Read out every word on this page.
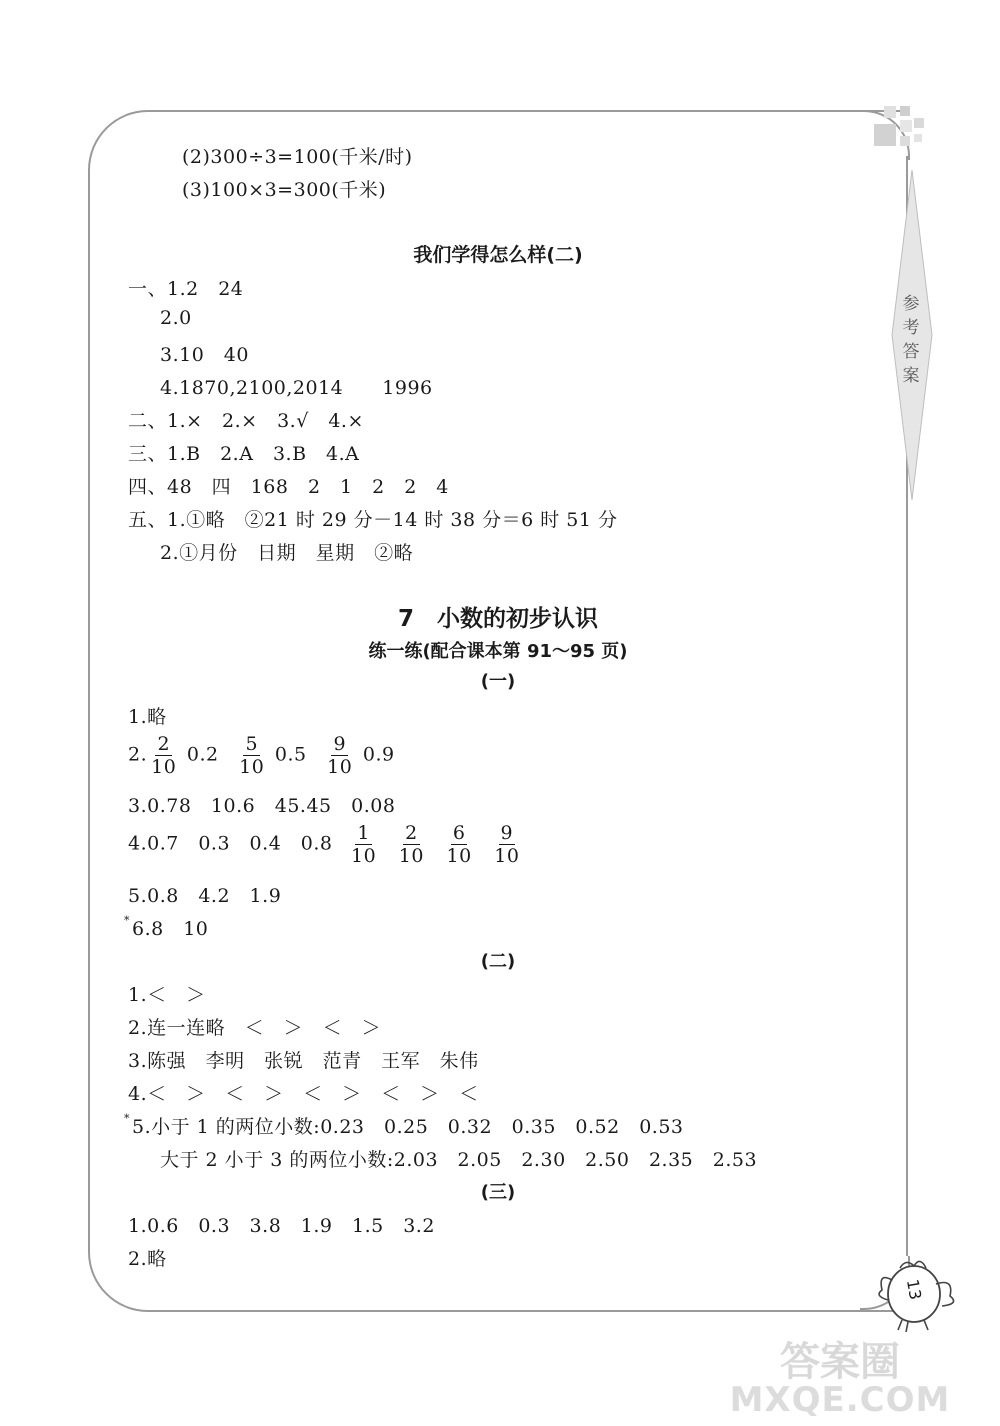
参
考
答
案
(2)300÷3=100(千米/时)
(3)100×3=300(千米)
我们学得怎么样(二)
一、1.2　24
2.0
3.10　40
4.1870,2100,2014　　1996
二、1.×　2.×　3.√　4.×
三、1.B　2.A　3.B　4.A
四、48　四　168　2　1　2　2　4
五、1.①略　②21 时 29 分－14 时 38 分＝6 时 51 分
2.①月份　日期　星期　②略
7　小数的初步认识
练一练(配合课本第 91～95 页)
(一)
1.略
2. $\frac{2}{10} 0.2 \frac{5}{10} 0.5 \frac{9}{10} 0.9$
3.0.78　10.6　45.45　0.08
4.0.7　0.3　0.4　$0.8 \frac{1}{10}$
$\frac{2}{10}$
$\frac{6}{10}$
$\frac{9}{10}$
5.0.8　4.2　1.9
* 6.8　10
(二)
1.＜　＞
2.连一连略　＜　＞　＜　＞
3.陈强　李明　张锐　范青　王军　朱伟
4.＜　＞　＜　＞　＜　＞　＜　＞　＜
* 5.小于 1 的两位小数:0.23　0.25　0.32　0.35　0.52　0.53
大于 2 小于 3 的两位小数:2.03　2.05　2.30　2.50　2.35　2.53
(三)
1.0.6　0.3　3.8　1.9　1.5　3.2
2.略
13
答案圈
MXQE.COM
